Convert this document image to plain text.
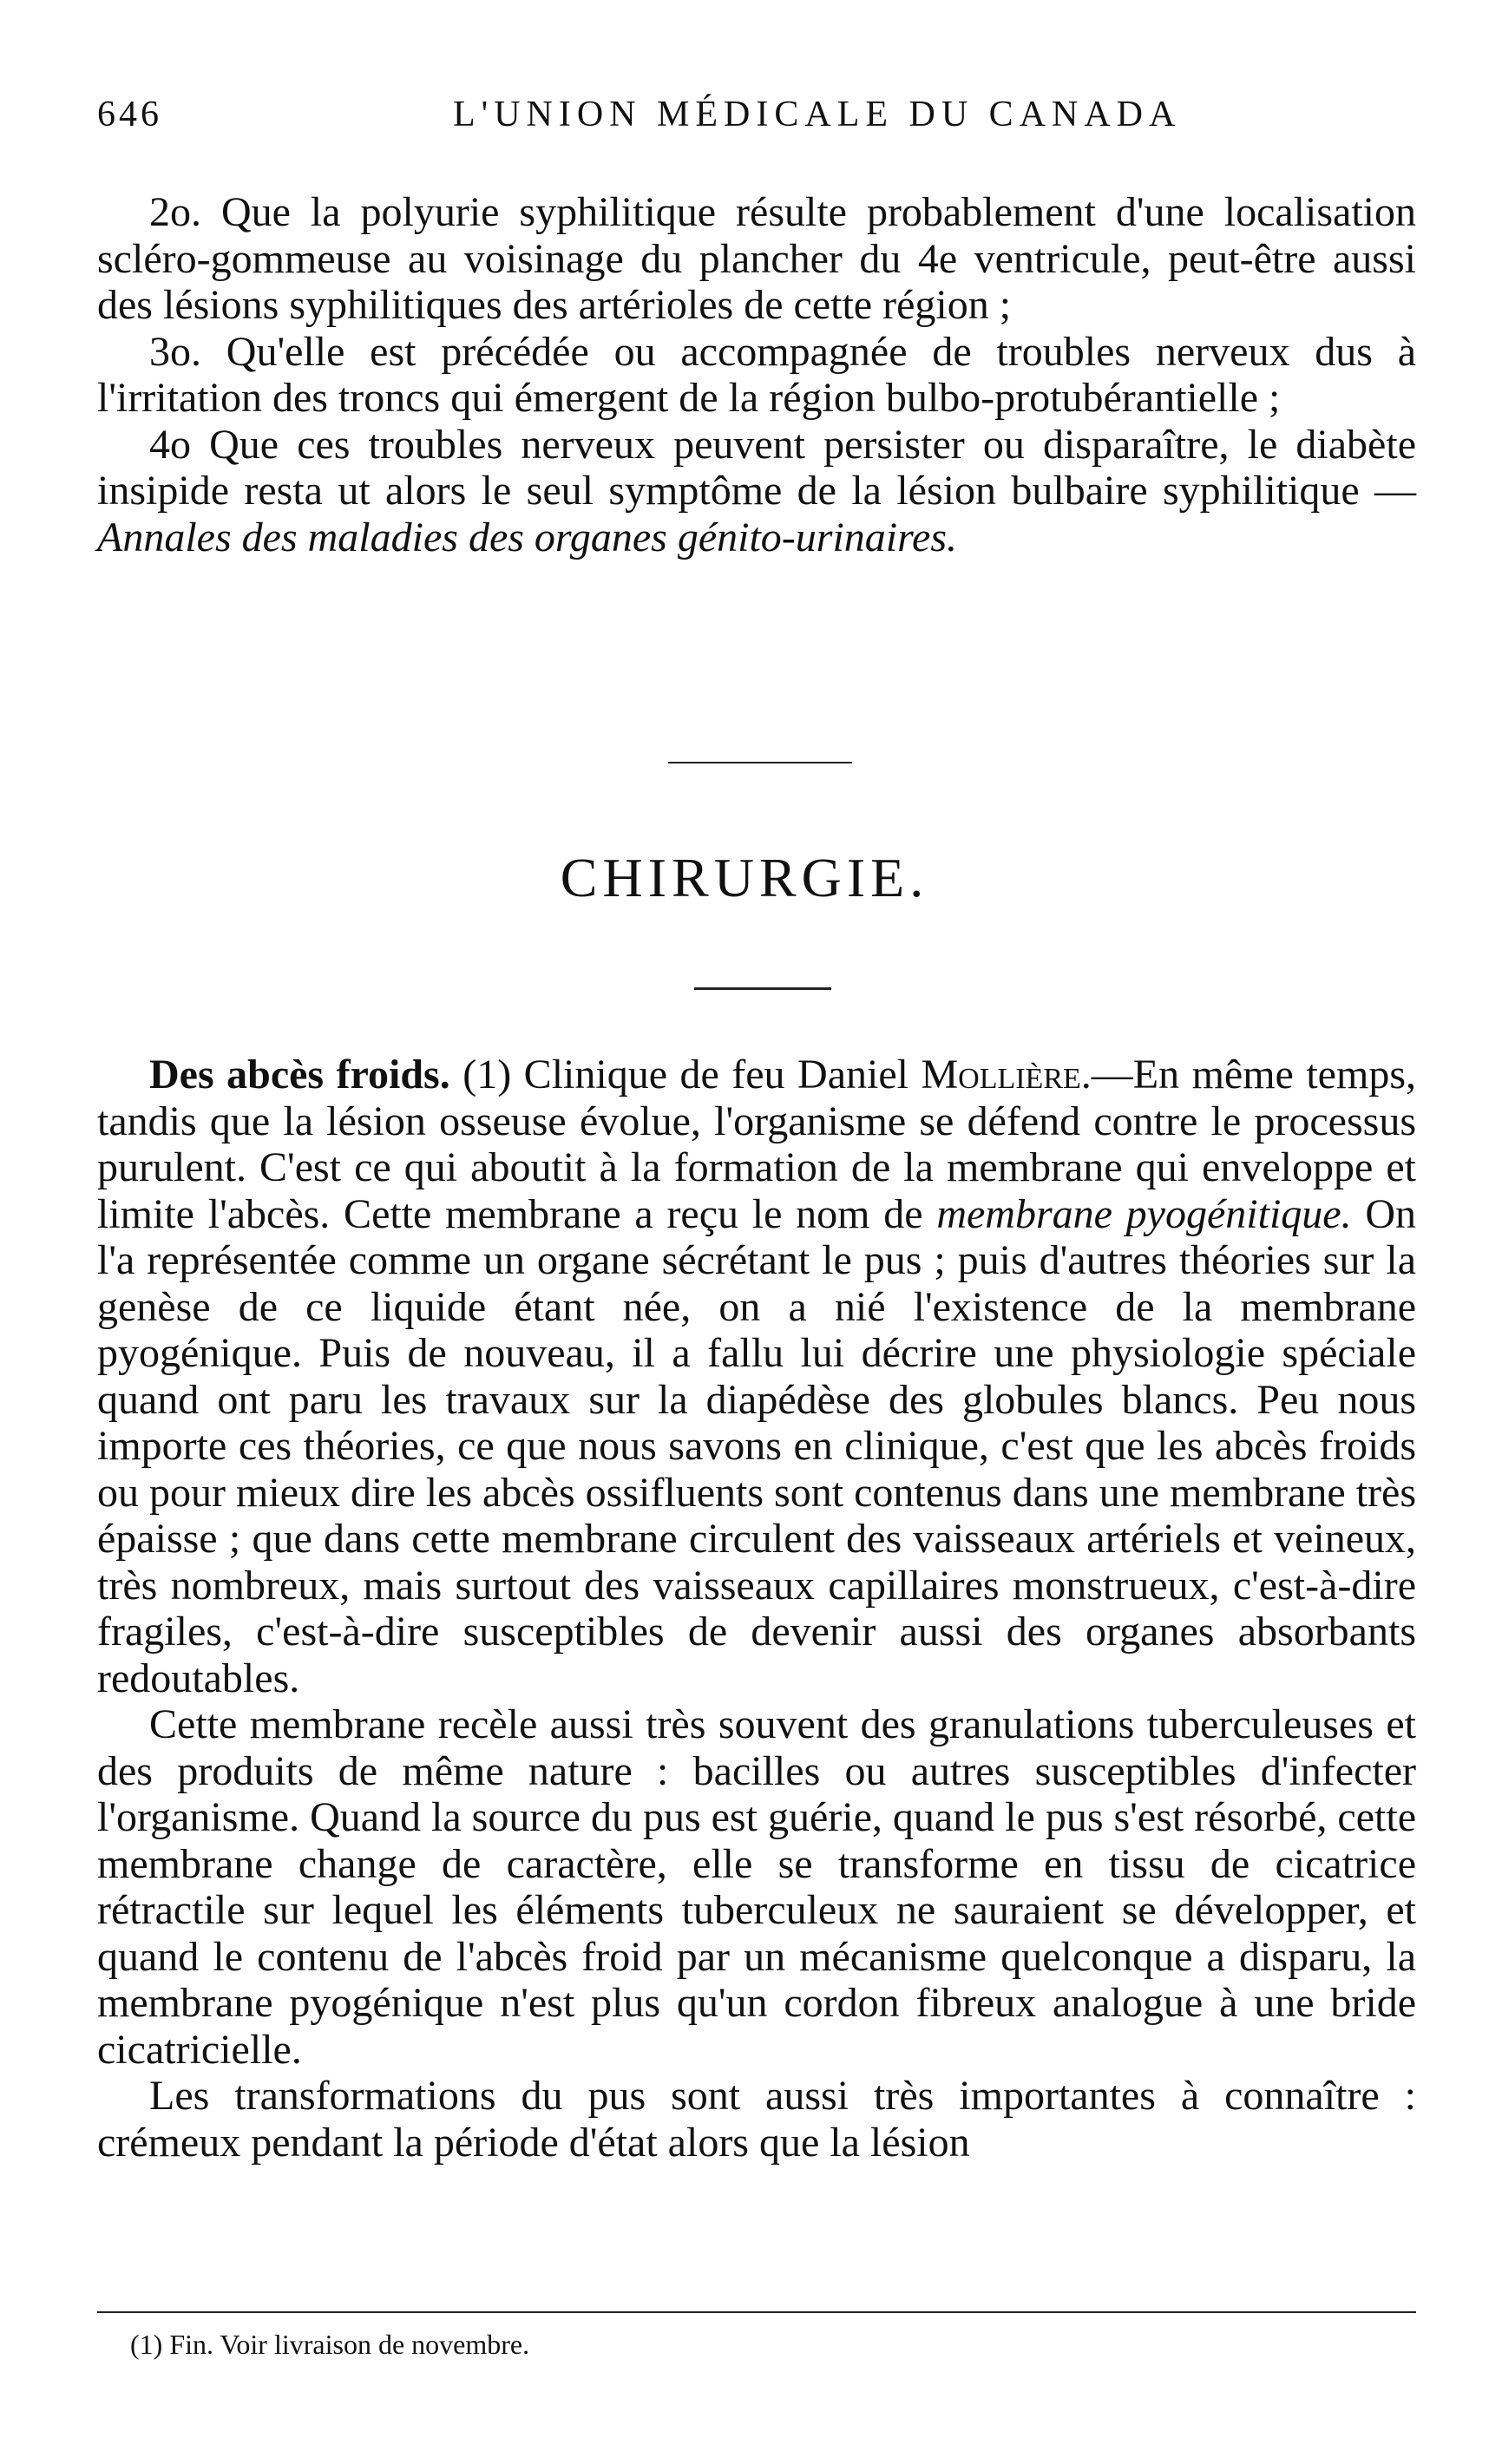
646	L'UNION MÉDICALE DU CANADA

2o. Que la polyurie syphilitique résulte probablement d'une localisation scléro-gommeuse au voisinage du plancher du 4e ventricule, peut-être aussi des lésions syphilitiques des artérioles de cette région ;

3o. Qu'elle est précédée ou accompagnée de troubles nerveux dus à l'irritation des troncs qui émergent de la région bulbo-protubérantielle ;

4o Que ces troubles nerveux peuvent persister ou disparaître, le diabète insipide resta ut alors le seul symptôme de la lésion bulbaire syphilitique — Annales des maladies des organes génito-urinaires.

CHIRURGIE.

Des abcès froids. (1) Clinique de feu Daniel Mollière.—En même temps, tandis que la lésion osseuse évolue, l'organisme se défend contre le processus purulent. C'est ce qui aboutit à la formation de la membrane qui enveloppe et limite l'abcès. Cette membrane a reçu le nom de membrane pyogénitique. On l'a représentée comme un organe sécrétant le pus ; puis d'autres théories sur la genèse de ce liquide étant née, on a nié l'existence de la membrane pyogénique. Puis de nouveau, il a fallu lui décrire une physiologie spéciale quand ont paru les travaux sur la diapédèse des globules blancs. Peu nous importe ces théories, ce que nous savons en clinique, c'est que les abcès froids ou pour mieux dire les abcès ossifluents sont contenus dans une membrane très épaisse ; que dans cette membrane circulent des vaisseaux artériels et veineux, très nombreux, mais surtout des vaisseaux capillaires monstrueux, c'est-à-dire fragiles, c'est-à-dire susceptibles de devenir aussi des organes absorbants redoutables.

Cette membrane recèle aussi très souvent des granulations tuberculeuses et des produits de même nature : bacilles ou autres susceptibles d'infecter l'organisme. Quand la source du pus est guérie, quand le pus s'est résorbé, cette membrane change de caractère, elle se transforme en tissu de cicatrice rétractile sur lequel les éléments tuberculeux ne sauraient se développer, et quand le contenu de l'abcès froid par un mécanisme quelconque a disparu, la membrane pyogénique n'est plus qu'un cordon fibreux analogue à une bride cicatricielle.

Les transformations du pus sont aussi très importantes à connaître : crémeux pendant la période d'état alors que la lésion

(1) Fin. Voir livraison de novembre.
